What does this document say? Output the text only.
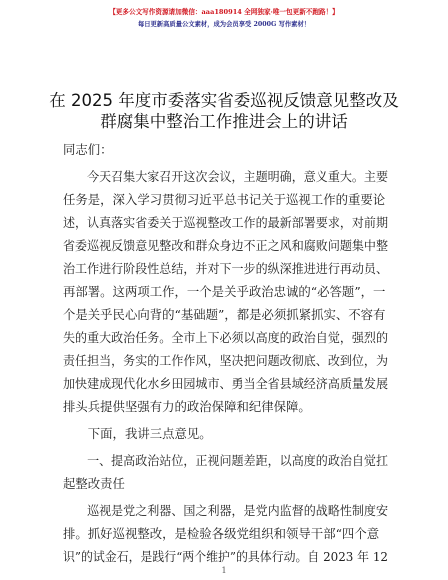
【更多公文写作资源请加微信：aaa180914 全网独家·唯一包更新不跑路！】
每日更新高质量公文素材，成为会员享受 2000G 写作素材！
在 2025 年度市委落实省委巡视反馈意见整改及
群腐集中整治工作推进会上的讲话
同志们：
　　今天召集大家召开这次会议，主题明确，意义重大。主要
任务是，深入学习贯彻习近平总书记关于巡视工作的重要论
述，认真落实省委关于巡视整改工作的最新部署要求，对前期
省委巡视反馈意见整改和群众身边不正之风和腐败问题集中整
治工作进行阶段性总结，并对下一步的纵深推进进行再动员、
再部署。这两项工作，一个是关乎政治忠诚的“必答题”，一
个是关乎民心向背的“基础题”，都是必须抓紧抓实、不容有
失的重大政治任务。全市上下必须以高度的政治自觉，强烈的
责任担当，务实的工作作风，坚决把问题改彻底、改到位，为
加快建成现代化水乡田园城市、勇当全省县域经济高质量发展
排头兵提供坚强有力的政治保障和纪律保障。
　　下面，我讲三点意见。
　　一、提高政治站位，正视问题差距，以高度的政治自觉扛
起整改责任
　　巡视是党之利器、国之利器，是党内监督的战略性制度安
排。抓好巡视整改，是检验各级党组织和领导干部“四个意
识”的试金石，是践行“两个维护”的具体行动。自 2023 年 12
1
